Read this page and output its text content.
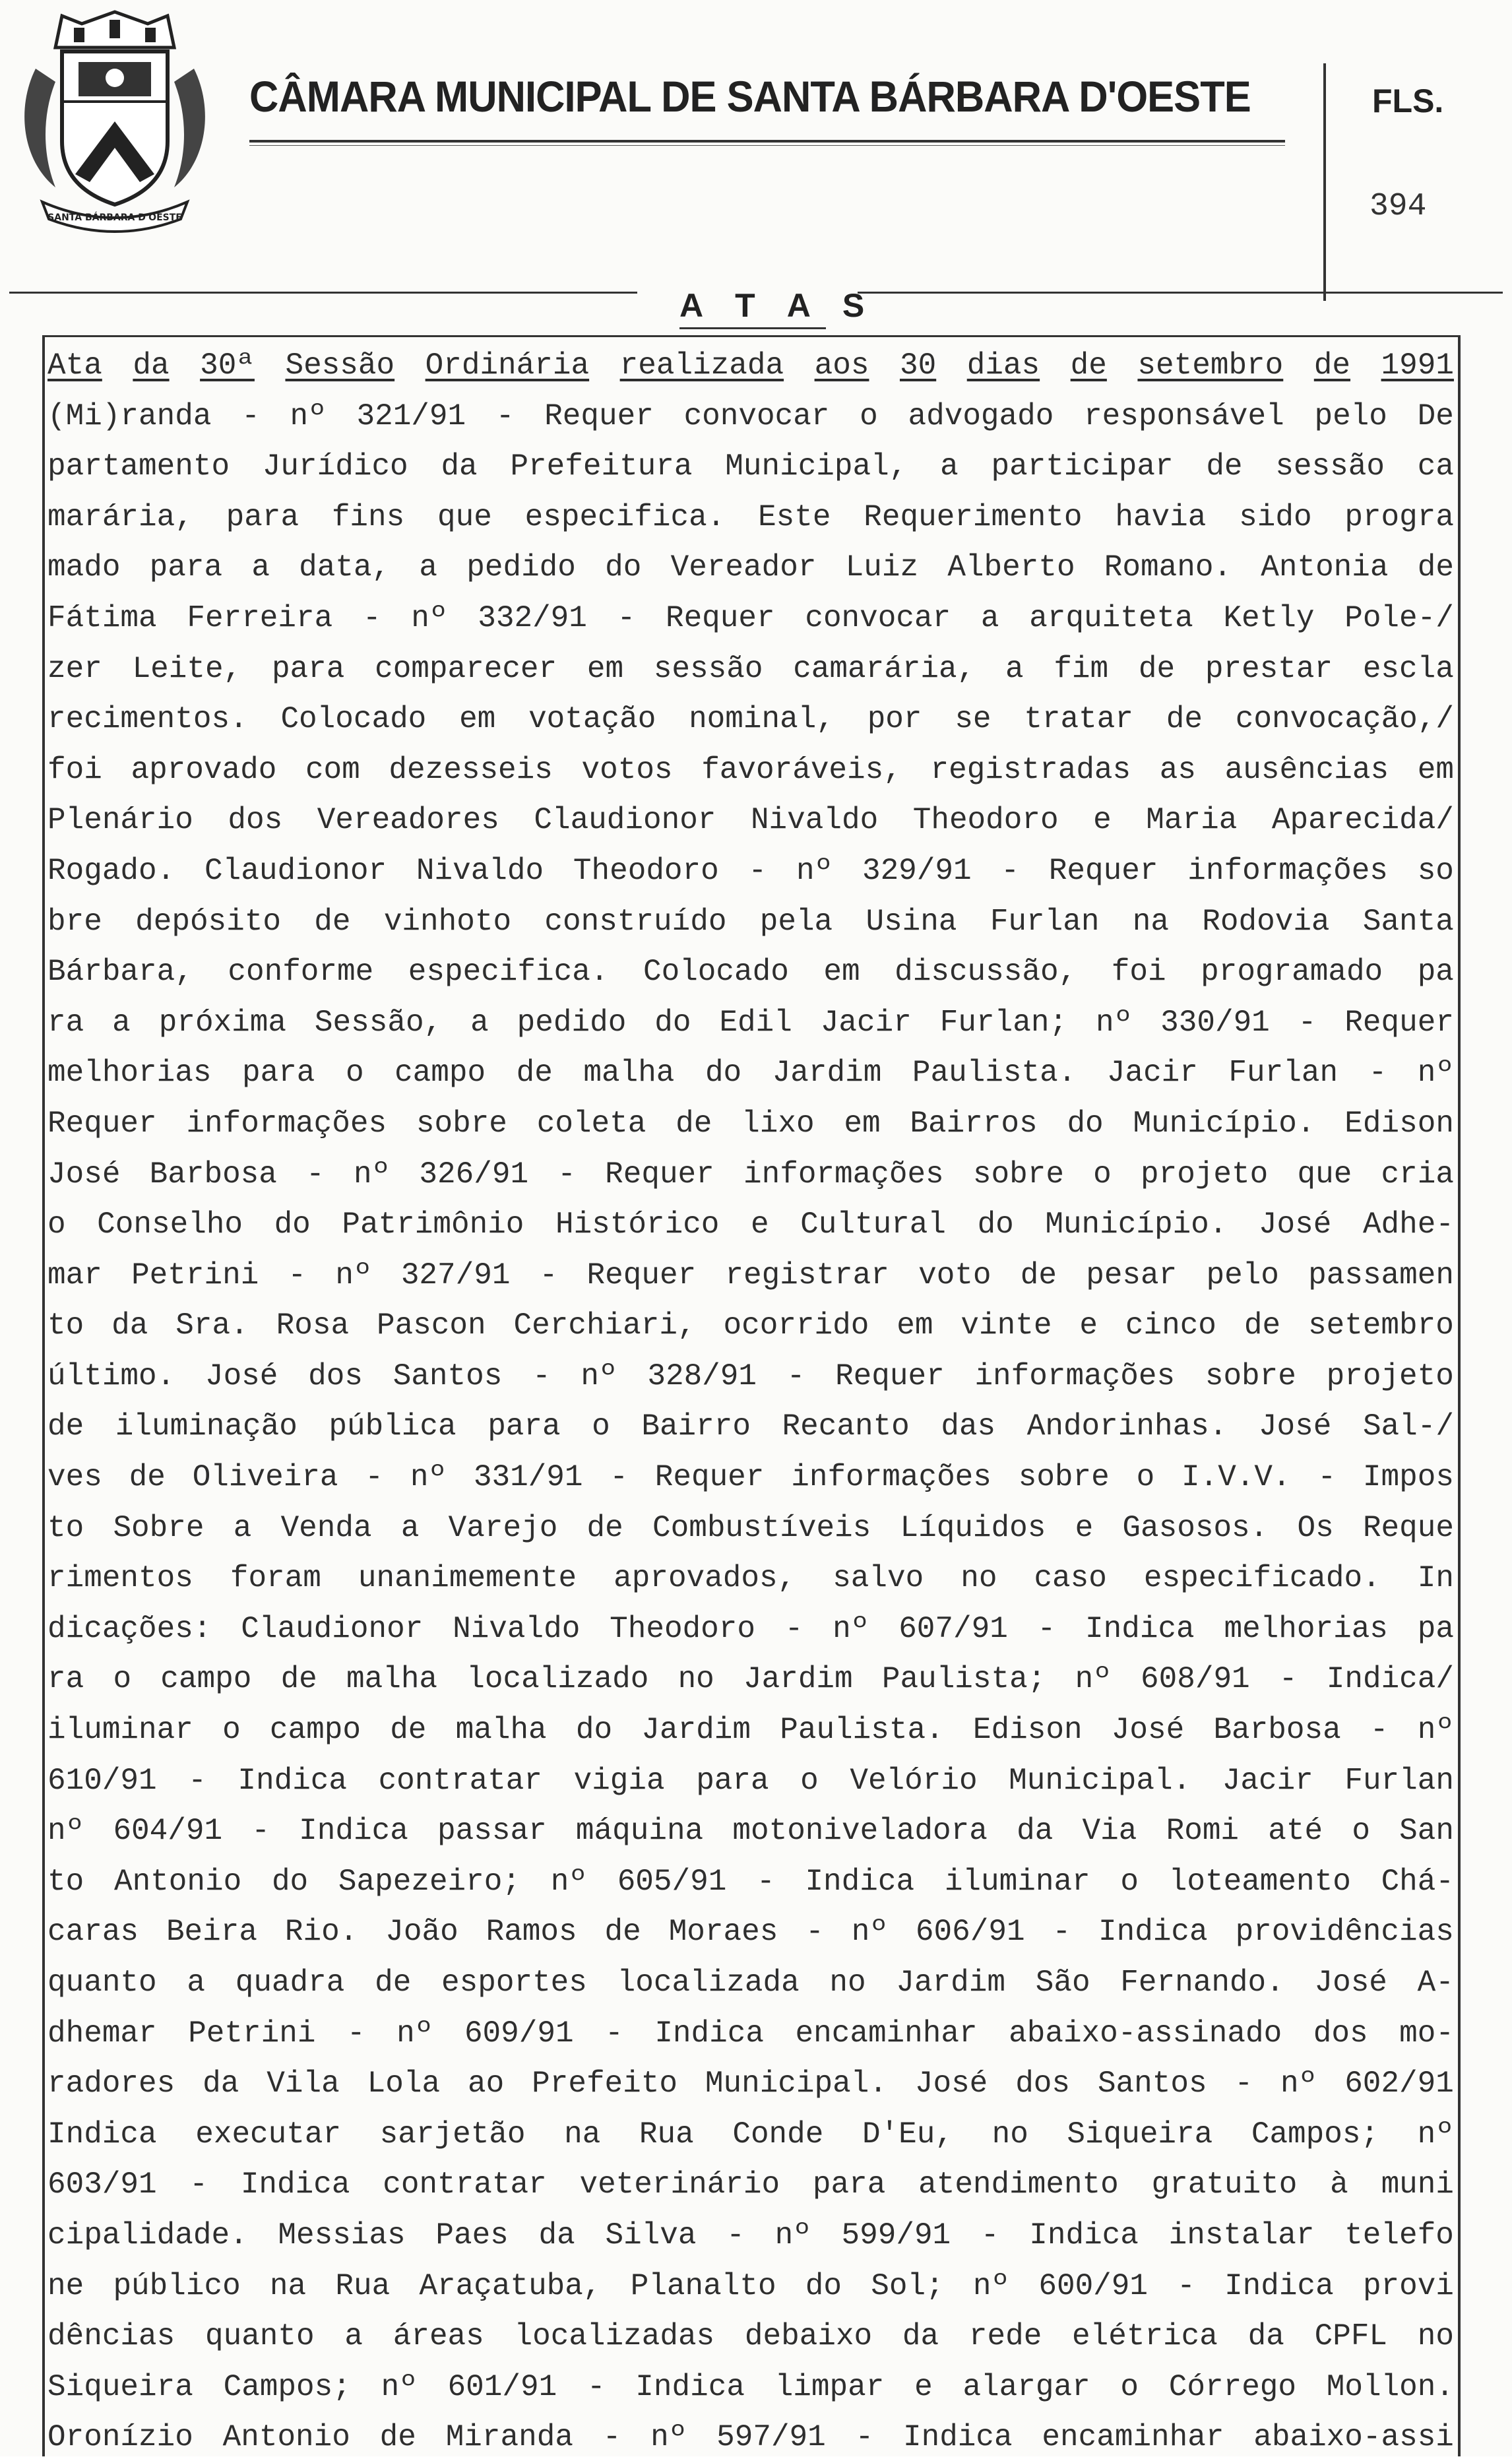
SANTA BÁRBARA D'OESTE
CÂMARA MUNICIPAL DE SANTA BÁRBARA D'OESTE	FLS.
394
A T A S
Ata da 30ª Sessão Ordinária realizada aos 30 dias de setembro de 1991
(Mi)randa - nº 321/91 - Requer convocar o advogado responsável pelo De
partamento Jurídico da Prefeitura Municipal, a participar de sessão ca
marária, para fins que especifica. Este Requerimento havia sido progra
mado para a data, a pedido do Vereador Luiz Alberto Romano. Antonia de
Fátima Ferreira - nº 332/91 - Requer convocar a arquiteta Ketly Pole-/
zer Leite, para comparecer em sessão camarária, a fim de prestar escla
recimentos. Colocado em votação nominal, por se tratar de convocação,/
foi aprovado com dezesseis votos favoráveis, registradas as ausências em
Plenário dos Vereadores Claudionor Nivaldo Theodoro e Maria Aparecida/
Rogado. Claudionor Nivaldo Theodoro - nº 329/91 - Requer informações so
bre depósito de vinhoto construído pela Usina Furlan na Rodovia Santa
Bárbara, conforme especifica. Colocado em discussão, foi programado pa
ra a próxima Sessão, a pedido do Edil Jacir Furlan; nº 330/91 - Requer
melhorias para o campo de malha do Jardim Paulista. Jacir Furlan - nº
Requer informações sobre coleta de lixo em Bairros do Município. Edison
José Barbosa - nº 326/91 - Requer informações sobre o projeto que cria
o Conselho do Patrimônio Histórico e Cultural do Município. José Adhe-
mar Petrini - nº 327/91 - Requer registrar voto de pesar pelo passamen
to da Sra. Rosa Pascon Cerchiari, ocorrido em vinte e cinco de setembro
último. José dos Santos - nº 328/91 - Requer informações sobre projeto
de iluminação pública para o Bairro Recanto das Andorinhas. José Sal-/
ves de Oliveira - nº 331/91 - Requer informações sobre o I.V.V. - Impos
to Sobre a Venda a Varejo de Combustíveis Líquidos e Gasosos. Os Reque
rimentos foram unanimemente aprovados, salvo no caso especificado. In
dicações: Claudionor Nivaldo Theodoro - nº 607/91 - Indica melhorias pa
ra o campo de malha localizado no Jardim Paulista; nº 608/91 - Indica/
iluminar o campo de malha do Jardim Paulista. Edison José Barbosa - nº
610/91 - Indica contratar vigia para o Velório Municipal. Jacir Furlan
nº 604/91 - Indica passar máquina motoniveladora da Via Romi até o San
to Antonio do Sapezeiro; nº 605/91 - Indica iluminar o loteamento Chá-
caras Beira Rio. João Ramos de Moraes - nº 606/91 - Indica providências
quanto a quadra de esportes localizada no Jardim São Fernando. José A-
dhemar Petrini - nº 609/91 - Indica encaminhar abaixo-assinado dos mo-
radores da Vila Lola ao Prefeito Municipal. José dos Santos - nº 602/91
Indica executar sarjetão na Rua Conde D'Eu, no Siqueira Campos; nº
603/91 - Indica contratar veterinário para atendimento gratuito à muni
cipalidade. Messias Paes da Silva - nº 599/91 - Indica instalar telefo
ne público na Rua Araçatuba, Planalto do Sol; nº 600/91 - Indica provi
dências quanto a áreas localizadas debaixo da rede elétrica da CPFL no
Siqueira Campos; nº 601/91 - Indica limpar e alargar o Córrego Mollon.
Oronízio Antonio de Miranda - nº 597/91 - Indica encaminhar abaixo-assi
